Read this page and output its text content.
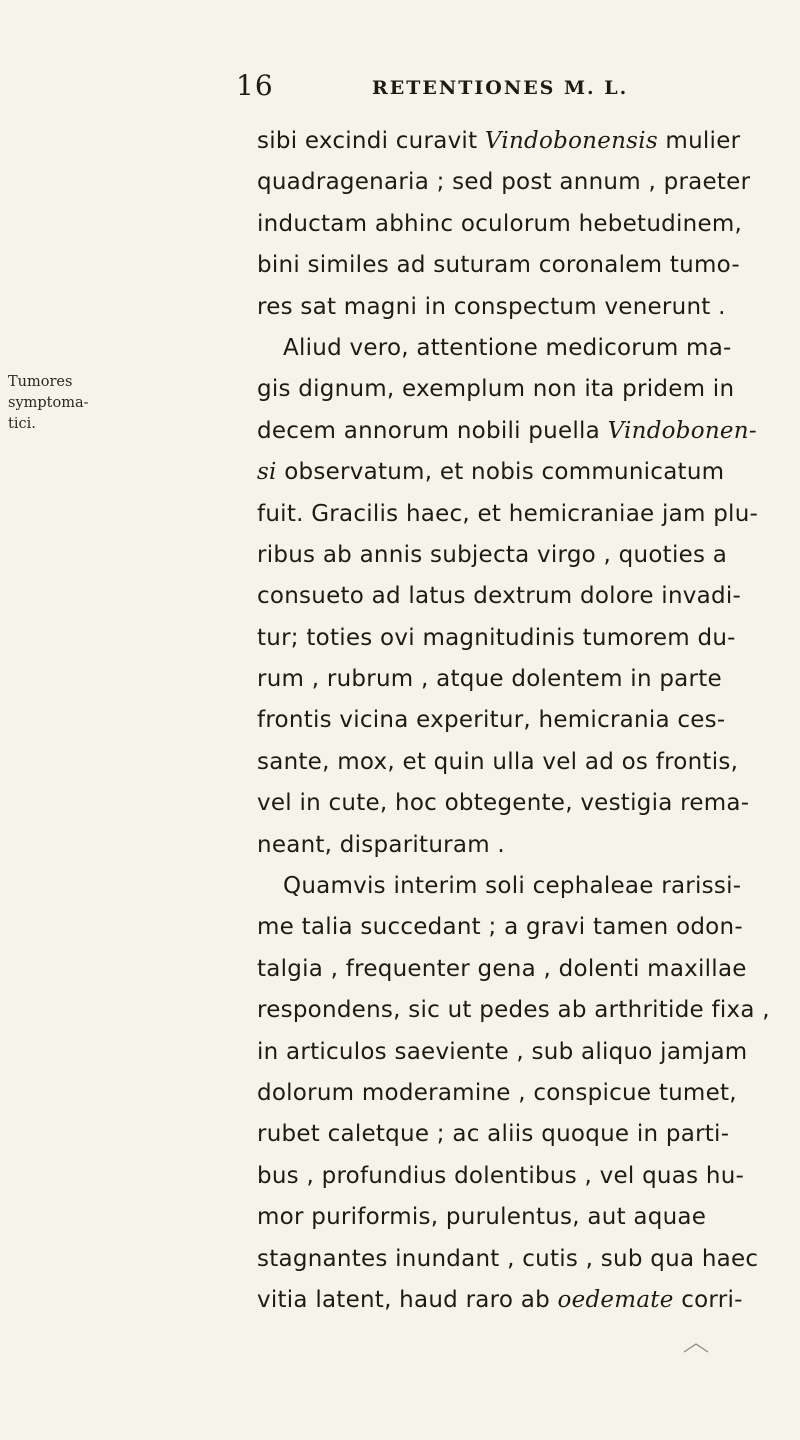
16	RETENTIONES M. L.
Tumores
symptoma-
tici.
sibi excindi curavit Vindobonensis mulier
quadragenaria ; sed post annum , praeter
inductam abhinc oculorum hebetudinem,
bini similes ad suturam coronalem tumo-
res sat magni in conspectum venerunt .
Aliud vero, attentione medicorum ma-
gis dignum, exemplum non ita pridem in
decem annorum nobili puella Vindobonen-
si observatum, et nobis communicatum
fuit. Gracilis haec, et hemicraniae jam plu-
ribus ab annis subjecta virgo , quoties a
consueto ad latus dextrum dolore invadi-
tur; toties ovi magnitudinis tumorem du-
rum , rubrum , atque dolentem in parte
frontis vicina experitur, hemicrania ces-
sante, mox, et quin ulla vel ad os frontis,
vel in cute, hoc obtegente, vestigia rema-
neant, disparituram .
Quamvis interim soli cephaleae rarissi-
me talia succedant ; a gravi tamen odon-
talgia , frequenter gena , dolenti maxillae
respondens, sic ut pedes ab arthritide fixa ,
in articulos saeviente , sub aliquo jamjam
dolorum moderamine , conspicue tumet,
rubet caletque ; ac aliis quoque in parti-
bus , profundius dolentibus , vel quas hu-
mor puriformis, purulentus, aut aquae
stagnantes inundant , cutis , sub qua haec
vitia latent, haud raro ab oedemate corri-
